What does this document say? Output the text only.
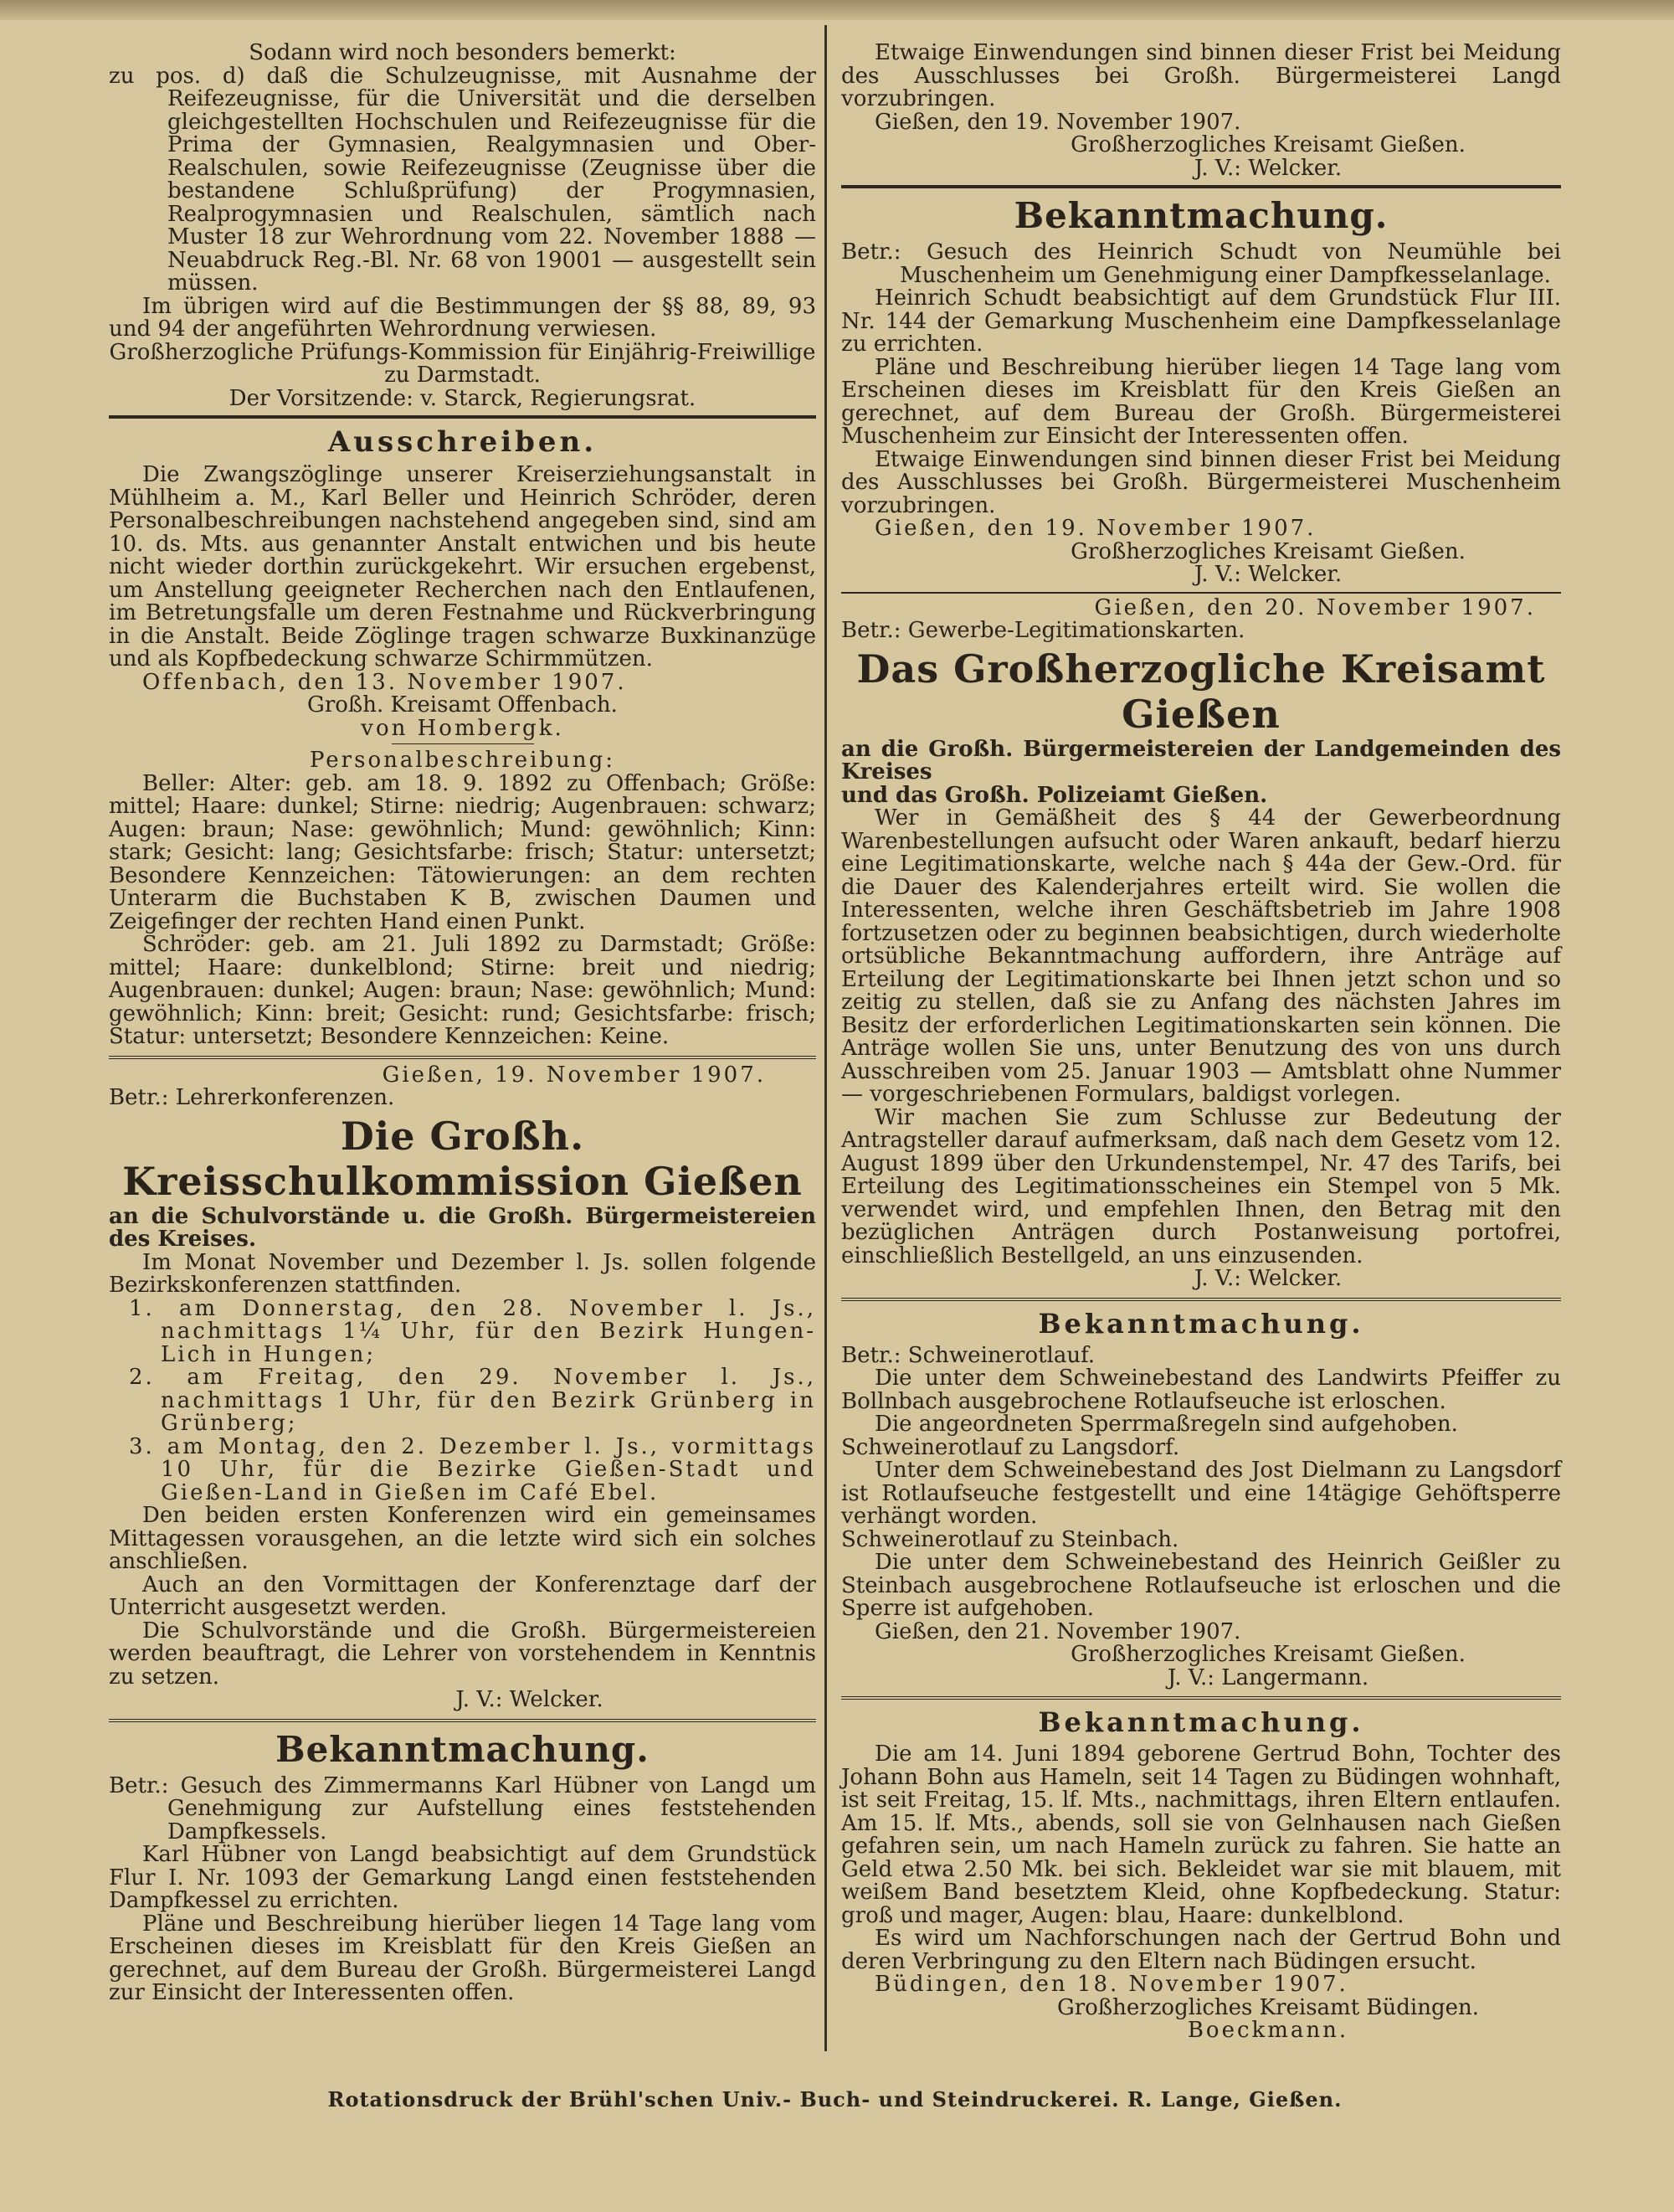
Sodann wird noch besonders bemerkt:

zu pos. d) daß die Schulzeugnisse, mit Ausnahme der Reifezeugnisse, für die Universität und die derselben gleichgestellten Hochschulen und Reifezeugnisse für die Prima der Gymnasien, Realgymnasien und Ober-Realschulen, sowie Reifezeugnisse (Zeugnisse über die bestandene Schlußprüfung) der Progymnasien, Realprogymnasien und Realschulen, sämtlich nach Muster 18 zur Wehrordnung vom 22. November 1888 — Neuabdruck Reg.-Bl. Nr. 68 von 19001 — ausgestellt sein müssen.

Im übrigen wird auf die Bestimmungen der §§ 88, 89, 93 und 94 der angeführten Wehrordnung verwiesen.

Großherzogliche Prüfungs-Kommission für Einjährig-Freiwillige zu Darmstadt.

Der Vorsitzende: v. Starck, Regierungsrat.

Ausschreiben.

Die Zwangszöglinge unserer Kreiserziehungsanstalt in Mühlheim a. M., Karl Beller und Heinrich Schröder, deren Personalbeschreibungen nachstehend angegeben sind, sind am 10. ds. Mts. aus genannter Anstalt entwichen und bis heute nicht wieder dorthin zurückgekehrt. Wir ersuchen ergebenst, um Anstellung geeigneter Recherchen nach den Entlaufenen, im Betretungsfalle um deren Festnahme und Rückverbringung in die Anstalt. Beide Zöglinge tragen schwarze Buxkinanzüge und als Kopfbedeckung schwarze Schirmmützen.

Offenbach, den 13. November 1907.

Großh. Kreisamt Offenbach.

von Hombergk.

Personalbeschreibung:

Beller: Alter: geb. am 18. 9. 1892 zu Offenbach; Größe: mittel; Haare: dunkel; Stirne: niedrig; Augenbrauen: schwarz; Augen: braun; Nase: gewöhnlich; Mund: gewöhnlich; Kinn: stark; Gesicht: lang; Gesichtsfarbe: frisch; Statur: untersetzt; Besondere Kennzeichen: Tätowierungen: an dem rechten Unterarm die Buchstaben K B, zwischen Daumen und Zeigefinger der rechten Hand einen Punkt.

Schröder: geb. am 21. Juli 1892 zu Darmstadt; Größe: mittel; Haare: dunkelblond; Stirne: breit und niedrig; Augenbrauen: dunkel; Augen: braun; Nase: gewöhnlich; Mund: gewöhnlich; Kinn: breit; Gesicht: rund; Gesichtsfarbe: frisch; Statur: untersetzt; Besondere Kennzeichen: Keine.

Gießen, 19. November 1907.

Betr.: Lehrerkonferenzen.

Die Großh. Kreisschulkommission Gießen

an die Schulvorstände u. die Großh. Bürgermeistereien des Kreises.

Im Monat November und Dezember l. Js. sollen folgende Bezirkskonferenzen stattfinden.

1. am Donnerstag, den 28. November l. Js., nachmittags 1¼ Uhr, für den Bezirk Hungen-Lich in Hungen;

2. am Freitag, den 29. November l. Js., nachmittags 1 Uhr, für den Bezirk Grünberg in Grünberg;

3. am Montag, den 2. Dezember l. Js., vormittags 10 Uhr, für die Bezirke Gießen-Stadt und Gießen-Land in Gießen im Café Ebel.

Den beiden ersten Konferenzen wird ein gemeinsames Mittagessen vorausgehen, an die letzte wird sich ein solches anschließen.

Auch an den Vormittagen der Konferenztage darf der Unterricht ausgesetzt werden.

Die Schulvorstände und die Großh. Bürgermeistereien werden beauftragt, die Lehrer von vorstehendem in Kenntnis zu setzen.

J. V.: Welcker.

Bekanntmachung.

Betr.: Gesuch des Zimmermanns Karl Hübner von Langd um Genehmigung zur Aufstellung eines feststehenden Dampfkessels.

Karl Hübner von Langd beabsichtigt auf dem Grundstück Flur I. Nr. 1093 der Gemarkung Langd einen feststehenden Dampfkessel zu errichten.

Pläne und Beschreibung hierüber liegen 14 Tage lang vom Erscheinen dieses im Kreisblatt für den Kreis Gießen an gerechnet, auf dem Bureau der Großh. Bürgermeisterei Langd zur Einsicht der Interessenten offen.

Etwaige Einwendungen sind binnen dieser Frist bei Meidung des Ausschlusses bei Großh. Bürgermeisterei Langd vorzubringen.

Gießen, den 19. November 1907.

Großherzogliches Kreisamt Gießen.

J. V.: Welcker.

Bekanntmachung.

Betr.: Gesuch des Heinrich Schudt von Neumühle bei Muschenheim um Genehmigung einer Dampfkesselanlage.

Heinrich Schudt beabsichtigt auf dem Grundstück Flur III. Nr. 144 der Gemarkung Muschenheim eine Dampfkesselanlage zu errichten.

Pläne und Beschreibung hierüber liegen 14 Tage lang vom Erscheinen dieses im Kreisblatt für den Kreis Gießen an gerechnet, auf dem Bureau der Großh. Bürgermeisterei Muschenheim zur Einsicht der Interessenten offen.

Etwaige Einwendungen sind binnen dieser Frist bei Meidung des Ausschlusses bei Großh. Bürgermeisterei Muschenheim vorzubringen.

Gießen, den 19. November 1907.

Großherzogliches Kreisamt Gießen.

J. V.: Welcker.

Gießen, den 20. November 1907.

Betr.: Gewerbe-Legitimationskarten.

Das Großherzogliche Kreisamt Gießen

an die Großh. Bürgermeistereien der Landgemeinden des Kreises

und das Großh. Polizeiamt Gießen.

Wer in Gemäßheit des § 44 der Gewerbeordnung Warenbestellungen aufsucht oder Waren ankauft, bedarf hierzu eine Legitimationskarte, welche nach § 44a der Gew.-Ord. für die Dauer des Kalenderjahres erteilt wird. Sie wollen die Interessenten, welche ihren Geschäftsbetrieb im Jahre 1908 fortzusetzen oder zu beginnen beabsichtigen, durch wiederholte ortsübliche Bekanntmachung auffordern, ihre Anträge auf Erteilung der Legitimationskarte bei Ihnen jetzt schon und so zeitig zu stellen, daß sie zu Anfang des nächsten Jahres im Besitz der erforderlichen Legitimationskarten sein können. Die Anträge wollen Sie uns, unter Benutzung des von uns durch Ausschreiben vom 25. Januar 1903 — Amtsblatt ohne Nummer — vorgeschriebenen Formulars, baldigst vorlegen.

Wir machen Sie zum Schlusse zur Bedeutung der Antragsteller darauf aufmerksam, daß nach dem Gesetz vom 12. August 1899 über den Urkundenstempel, Nr. 47 des Tarifs, bei Erteilung des Legitimationsscheines ein Stempel von 5 Mk. verwendet wird, und empfehlen Ihnen, den Betrag mit den bezüglichen Anträgen durch Postanweisung portofrei, einschließlich Bestellgeld, an uns einzusenden.

J. V.: Welcker.

Bekanntmachung.

Betr.: Schweinerotlauf.

Die unter dem Schweinebestand des Landwirts Pfeiffer zu Bollnbach ausgebrochene Rotlaufseuche ist erloschen.

Die angeordneten Sperrmaßregeln sind aufgehoben.

Schweinerotlauf zu Langsdorf.

Unter dem Schweinebestand des Jost Dielmann zu Langsdorf ist Rotlaufseuche festgestellt und eine 14tägige Gehöftsperre verhängt worden.

Schweinerotlauf zu Steinbach.

Die unter dem Schweinebestand des Heinrich Geißler zu Steinbach ausgebrochene Rotlaufseuche ist erloschen und die Sperre ist aufgehoben.

Gießen, den 21. November 1907.

Großherzogliches Kreisamt Gießen.

J. V.: Langermann.

Bekanntmachung.

Die am 14. Juni 1894 geborene Gertrud Bohn, Tochter des Johann Bohn aus Hameln, seit 14 Tagen zu Büdingen wohnhaft, ist seit Freitag, 15. lf. Mts., nachmittags, ihren Eltern entlaufen. Am 15. lf. Mts., abends, soll sie von Gelnhausen nach Gießen gefahren sein, um nach Hameln zurück zu fahren. Sie hatte an Geld etwa 2.50 Mk. bei sich. Bekleidet war sie mit blauem, mit weißem Band besetztem Kleid, ohne Kopfbedeckung. Statur: groß und mager, Augen: blau, Haare: dunkelblond.

Es wird um Nachforschungen nach der Gertrud Bohn und deren Verbringung zu den Eltern nach Büdingen ersucht.

Büdingen, den 18. November 1907.

Großherzogliches Kreisamt Büdingen.

Boeckmann.

Rotationsdruck der Brühl'schen Univ.- Buch- und Steindruckerei. R. Lange, Gießen.
